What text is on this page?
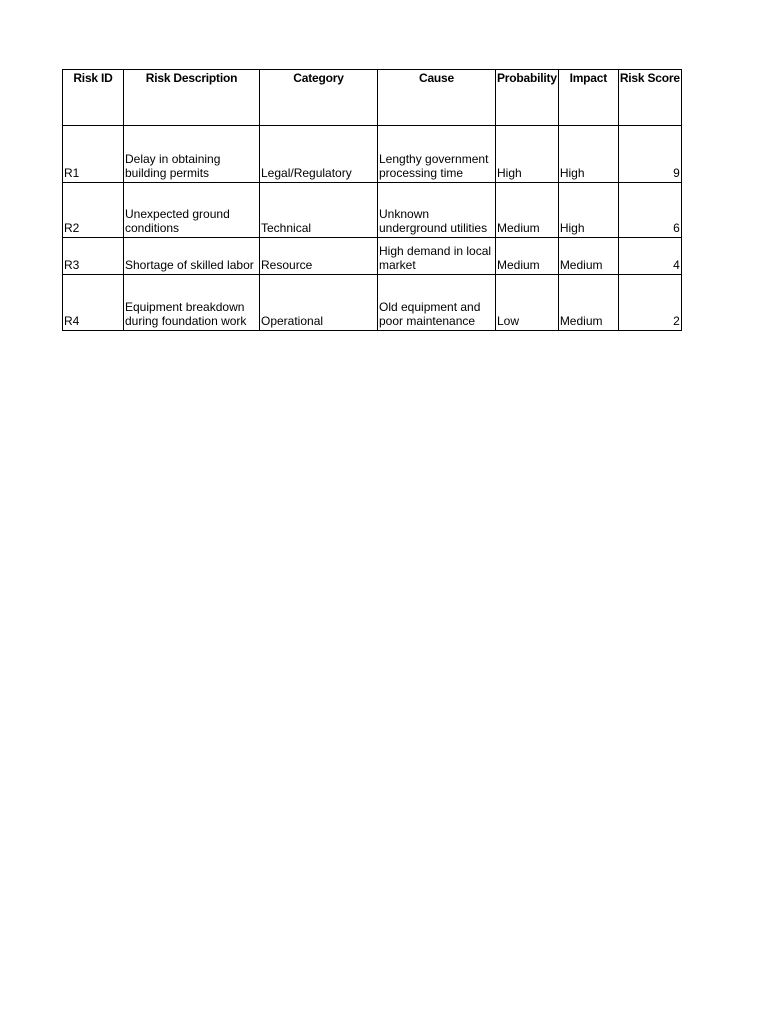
Risk ID	Risk Description	Category	Cause	Probability	Impact	Risk Score
R1	Delay in obtaining building permits	Legal/Regulatory	Lengthy government processing time	High	High	9
R2	Unexpected ground conditions	Technical	Unknown underground utilities	Medium	High	6
R3	Shortage of skilled labor	Resource	High demand in local market	Medium	Medium	4
R4	Equipment breakdown during foundation work	Operational	Old equipment and poor maintenance	Low	Medium	2
